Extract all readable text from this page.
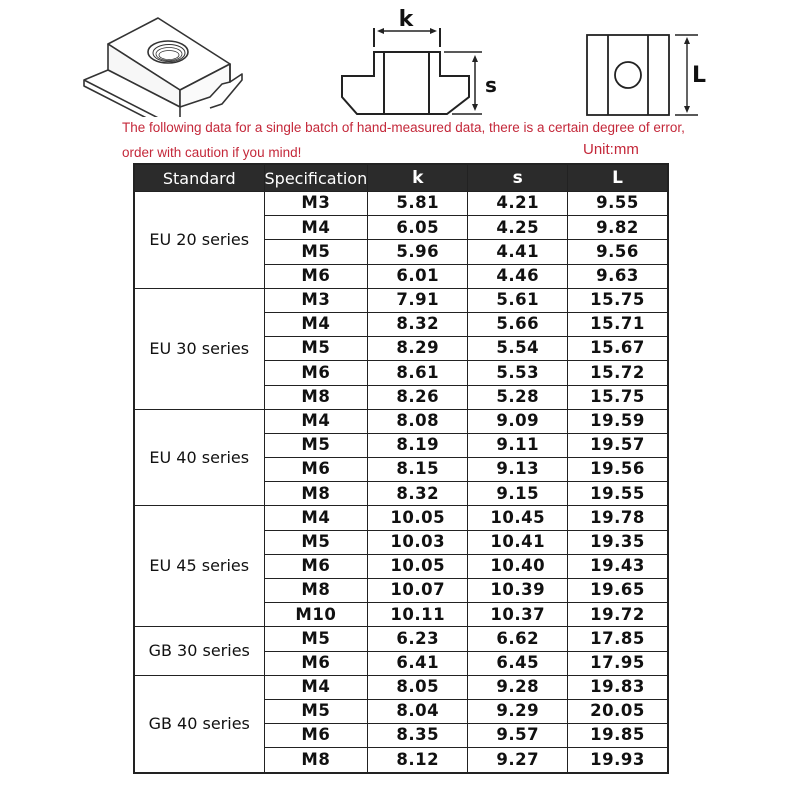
k
s	L
The following data for a single batch of hand-measured data, there is a certain degree of error,
order with caution if you mind!	Unit:mm
Standard	Specification	k	s	L
EU 20 series	M3	5.81	4.21	9.55
	M4	6.05	4.25	9.82
	M5	5.96	4.41	9.56
	M6	6.01	4.46	9.63
EU 30 series	M3	7.91	5.61	15.75
	M4	8.32	5.66	15.71
	M5	8.29	5.54	15.67
	M6	8.61	5.53	15.72
	M8	8.26	5.28	15.75
EU 40 series	M4	8.08	9.09	19.59
	M5	8.19	9.11	19.57
	M6	8.15	9.13	19.56
	M8	8.32	9.15	19.55
EU 45 series	M4	10.05	10.45	19.78
	M5	10.03	10.41	19.35
	M6	10.05	10.40	19.43
	M8	10.07	10.39	19.65
	M10	10.11	10.37	19.72
GB 30 series	M5	6.23	6.62	17.85
	M6	6.41	6.45	17.95
GB 40 series	M4	8.05	9.28	19.83
	M5	8.04	9.29	20.05
	M6	8.35	9.57	19.85
	M8	8.12	9.27	19.93
